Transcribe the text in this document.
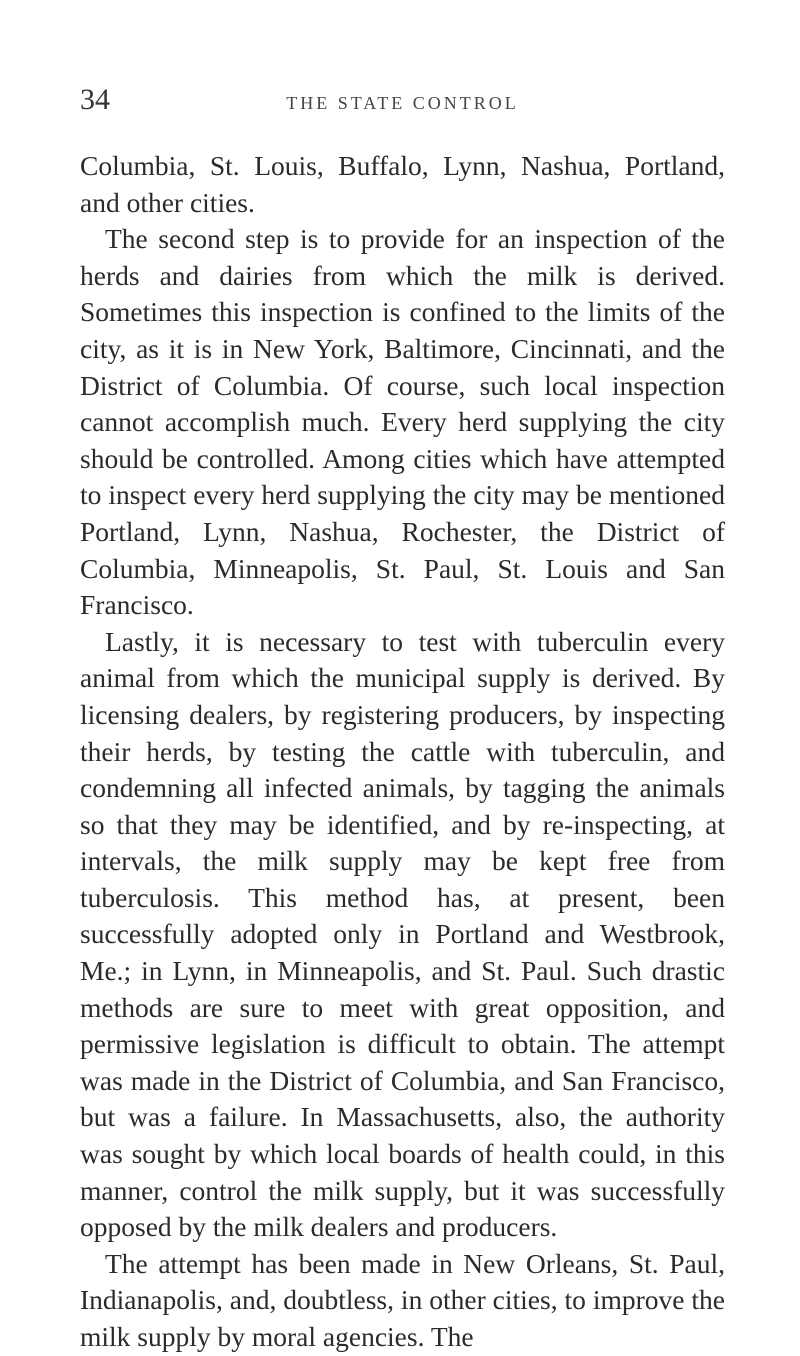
34	THE STATE CONTROL

Columbia, St. Louis, Buffalo, Lynn, Nashua, Portland, and other cities.

The second step is to provide for an inspection of the herds and dairies from which the milk is derived. Sometimes this inspection is confined to the limits of the city, as it is in New York, Baltimore, Cincinnati, and the District of Columbia. Of course, such local inspection cannot accomplish much. Every herd supplying the city should be controlled. Among cities which have attempted to inspect every herd supplying the city may be mentioned Portland, Lynn, Nashua, Rochester, the District of Columbia, Minneapolis, St. Paul, St. Louis and San Francisco.

Lastly, it is necessary to test with tuberculin every animal from which the municipal supply is derived. By licensing dealers, by registering producers, by inspecting their herds, by testing the cattle with tuberculin, and condemning all infected animals, by tagging the animals so that they may be identified, and by re-inspecting, at intervals, the milk supply may be kept free from tuberculosis. This method has, at present, been successfully adopted only in Portland and Westbrook, Me.; in Lynn, in Minneapolis, and St. Paul. Such drastic methods are sure to meet with great opposition, and permissive legislation is difficult to obtain. The attempt was made in the District of Columbia, and San Francisco, but was a failure. In Massachusetts, also, the authority was sought by which local boards of health could, in this manner, control the milk supply, but it was successfully opposed by the milk dealers and producers.

The attempt has been made in New Orleans, St. Paul, Indianapolis, and, doubtless, in other cities, to improve the milk supply by moral agencies. The
